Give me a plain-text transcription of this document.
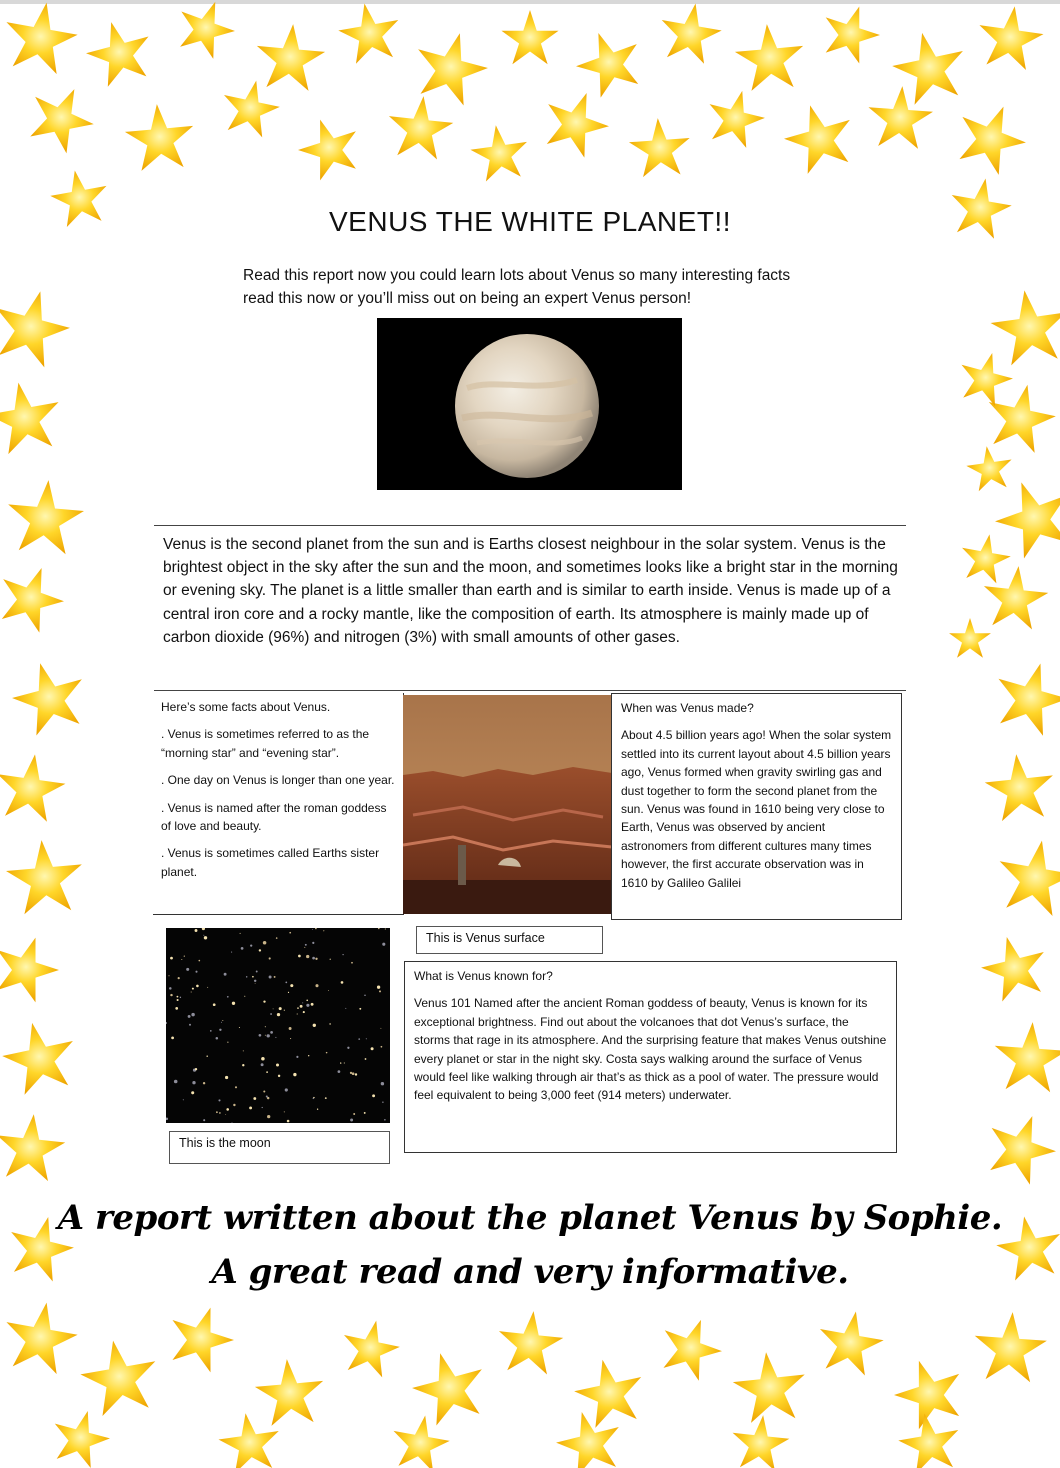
VENUS THE WHITE PLANET!!
Read this report now you could learn lots about Venus so many interesting facts read this now or you’ll miss out on being an expert Venus person!
Venus is the second planet from the sun and is Earths closest neighbour in the solar system. Venus is the brightest object in the sky after the sun and the moon, and sometimes looks like a bright star in the morning or evening sky. The planet is a little smaller than earth and is similar to earth inside. Venus is made up of a central iron core and a rocky mantle, like the composition of earth. Its atmosphere is mainly made up of carbon dioxide (96%) and nitrogen (3%) with small amounts of other gases.

Here’s some facts about Venus.

. Venus is sometimes referred to as the “morning star” and “evening star”.

. One day on Venus is longer than one year.

. Venus is named after the roman goddess of love and beauty.

. Venus is sometimes called Earths sister planet.

When was Venus made?

About 4.5 billion years ago! When the solar system settled into its current layout about 4.5 billion years ago, Venus formed when gravity swirling gas and dust together to form the second planet from the sun. Venus was found in 1610 being very close to Earth, Venus was observed by ancient astronomers from different cultures many times however, the first accurate observation was in 1610 by Galileo Galilei

This is Venus surface
This is the moon

What is Venus known for?

Venus 101 Named after the ancient Roman goddess of beauty, Venus is known for its exceptional brightness. Find out about the volcanoes that dot Venus’s surface, the storms that rage in its atmosphere. And the surprising feature that makes Venus outshine every planet or star in the night sky. Costa says walking around the surface of Venus would feel like walking through air that’s as thick as a pool of water. The pressure would feel equivalent to being 3,000 feet (914 meters) underwater.

A report written about the planet Venus by Sophie.
A great read and very informative.
